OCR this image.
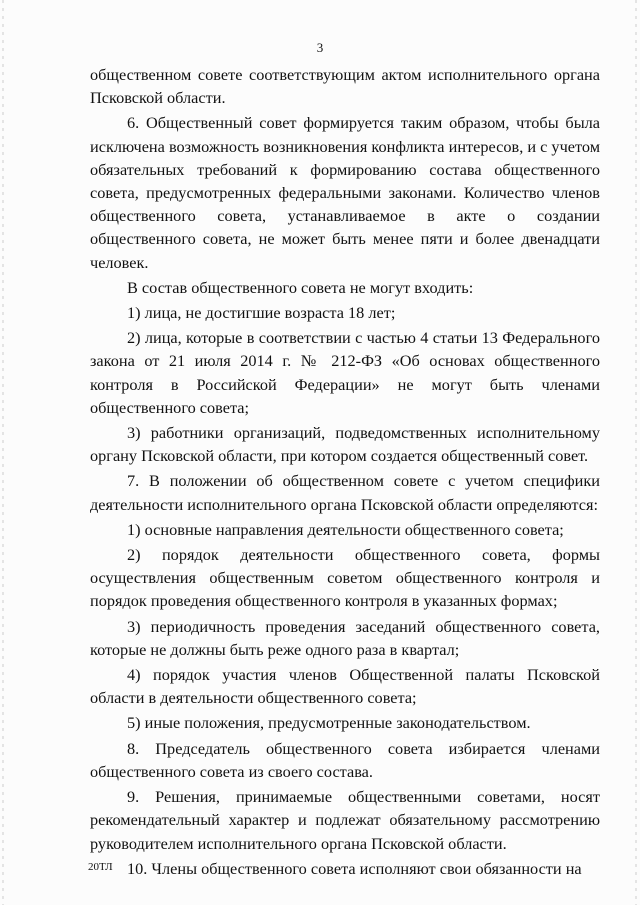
3

общественном совете соответствующим актом исполнительного органа Псковской области.

6. Общественный совет формируется таким образом, чтобы была исключена возможность возникновения конфликта интересов, и с учетом обязательных требований к формированию состава общественного совета, предусмотренных федеральными законами. Количество членов общественного совета, устанавливаемое в акте о создании общественного совета, не может быть менее пяти и более двенадцати человек.

В состав общественного совета не могут входить:

1) лица, не достигшие возраста 18 лет;

2) лица, которые в соответствии с частью 4 статьи 13 Федерального закона от 21 июля 2014 г. № 212-ФЗ «Об основах общественного контроля в Российской Федерации» не могут быть членами общественного совета;

3) работники организаций, подведомственных исполнительному органу Псковской области, при котором создается общественный совет.

7. В положении об общественном совете с учетом специфики деятельности исполнительного органа Псковской области определяются:

1) основные направления деятельности общественного совета;

2) порядок деятельности общественного совета, формы осуществления общественным советом общественного контроля и порядок проведения общественного контроля в указанных формах;

3) периодичность проведения заседаний общественного совета, которые не должны быть реже одного раза в квартал;

4) порядок участия членов Общественной палаты Псковской области в деятельности общественного совета;

5) иные положения, предусмотренные законодательством.

8. Председатель общественного совета избирается членами общественного совета из своего состава.

9. Решения, принимаемые общественными советами, носят рекомендательный характер и подлежат обязательному рассмотрению руководителем исполнительного органа Псковской области.

10. Члены общественного совета исполняют свои обязанности на

20ТЛ
